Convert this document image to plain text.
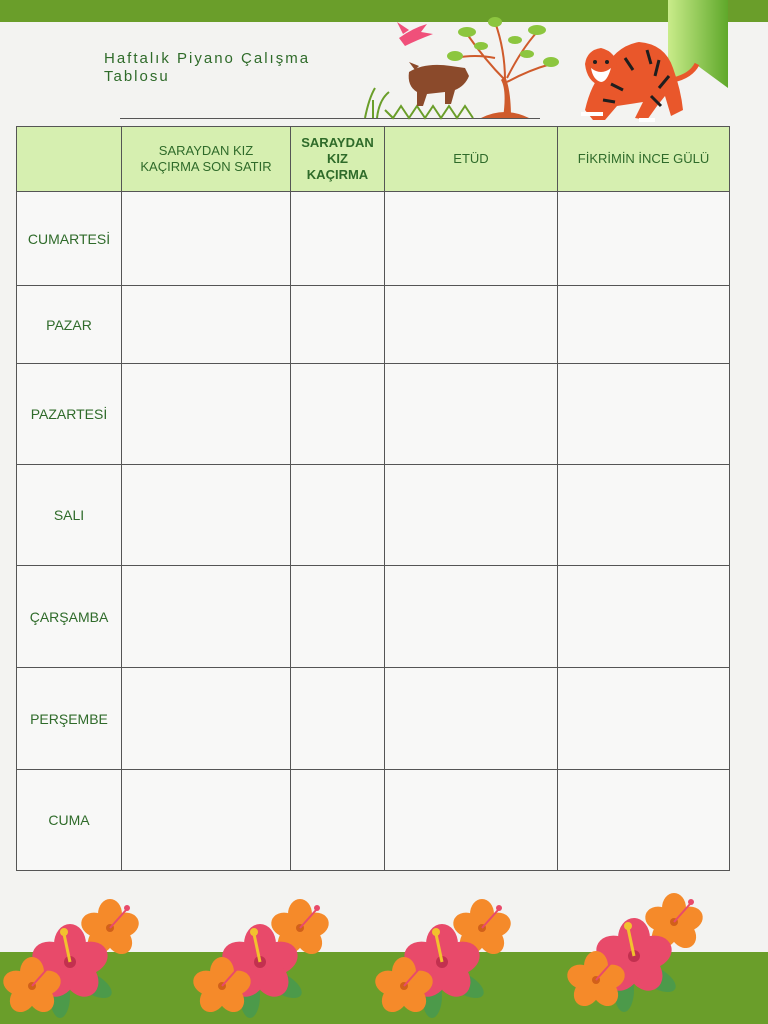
Haftalık Piyano Çalışma Tablosu
	SARAYDAN KIZ KAÇIRMA SON SATIR	SARAYDAN KIZ KAÇIRMA	ETÜD	FİKRİMİN İNCE GÜLÜ
CUMARTESİ				
PAZAR				
PAZARTESİ				
SALI				
ÇARŞAMBA				
PERŞEMBE				
CUMA				
